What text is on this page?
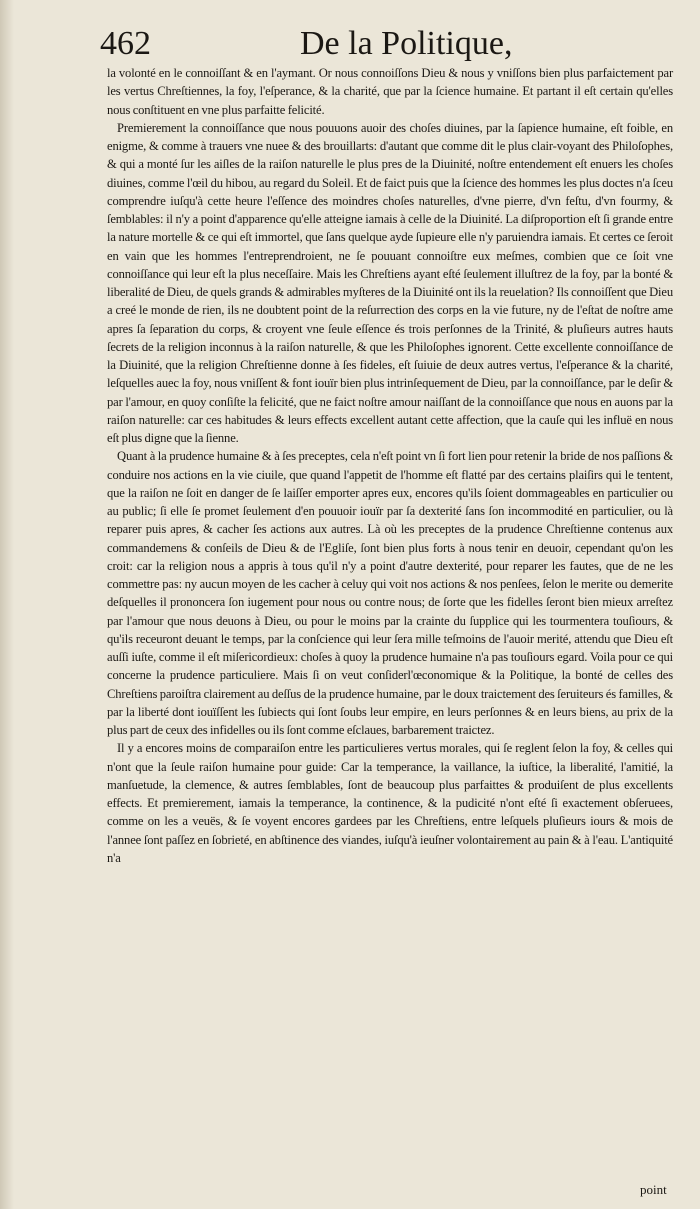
462	De la Politique,

la volonté en le connoiſſant & en l'aymant. Or nous connoiſſons Dieu & nous y vniſſons bien plus parfaictement par les vertus Chreſtiennes, la foy, l'eſperance, & la charité, que par la ſcience humaine. Et partant il eſt certain qu'elles nous conſtituent en vne plus parfaitte felicité.

Premierement la connoiſſance que nous pouuons auoir des choſes diuines, par la ſapience humaine, eſt foible, en enigme, & comme à trauers vne nuee & des brouillarts: d'autant que comme dit le plus clair-voyant des Philoſophes, & qui a monté ſur les aiſles de la raiſon naturelle le plus pres de la Diuinité, noſtre entendement eſt enuers les choſes diuines, comme l'œil du hibou, au regard du Soleil. Et de faict puis que la ſcience des hommes les plus doctes n'a ſceu comprendre iuſqu'à cette heure l'eſſence des moindres choſes naturelles, d'vne pierre, d'vn feſtu, d'vn fourmy, & ſemblables: il n'y a point d'apparence qu'elle atteigne iamais à celle de la Diuinité. La diſproportion eſt ſi grande entre la nature mortelle & ce qui eſt immortel, que ſans quelque ayde ſupieure elle n'y paruiendra iamais. Et certes ce ſeroit en vain que les hommes l'entreprendroient, ne ſe pouuant connoiſtre eux meſmes, combien que ce ſoit vne connoiſſance qui leur eſt la plus neceſſaire. Mais les Chreſtiens ayant eſté ſeulement illuſtrez de la foy, par la bonté & liberalité de Dieu, de quels grands & admirables myſteres de la Diuinité ont ils la reuelation? Ils connoiſſent que Dieu a creé le monde de rien, ils ne doubtent point de la reſurrection des corps en la vie future, ny de l'eſtat de noſtre ame apres ſa ſeparation du corps, & croyent vne ſeule eſſence és trois perſonnes de la Trinité, & pluſieurs autres hauts ſecrets de la religion inconnus à la raiſon naturelle, & que les Philoſophes ignorent. Cette excellente connoiſſance de la Diuinité, que la religion Chreſtienne donne à ſes fideles, eſt ſuiuie de deux autres vertus, l'eſperance & la charité, leſquelles auec la foy, nous vniſſent & font iouïr bien plus intrinſequement de Dieu, par la connoiſſance, par le deſir & par l'amour, en quoy conſiſte la felicité, que ne faict noſtre amour naiſſant de la connoiſſance que nous en auons par la raiſon naturelle: car ces habitudes & leurs effects excellent autant cette affection, que la cauſe qui les influë en nous eſt plus digne que la ſienne.

Quant à la prudence humaine & à ſes preceptes, cela n'eſt point vn ſi fort lien pour retenir la bride de nos paſſions & conduire nos actions en la vie ciuile, que quand l'appetit de l'homme eſt flatté par des certains plaiſirs qui le tentent, que la raiſon ne ſoit en danger de ſe laiſſer emporter apres eux, encores qu'ils ſoient dommageables en particulier ou au public; ſi elle ſe promet ſeulement d'en pouuoir iouïr par ſa dexterité ſans ſon incommodité en particulier, ou là reparer puis apres, & cacher ſes actions aux autres. Là où les preceptes de la prudence Chreſtienne contenus aux commandemens & conſeils de Dieu & de l'Egliſe, ſont bien plus forts à nous tenir en deuoir, cependant qu'on les croit: car la religion nous a appris à tous qu'il n'y a point d'autre dexterité, pour reparer les fautes, que de ne les commettre pas: ny aucun moyen de les cacher à celuy qui voit nos actions & nos penſees, ſelon le merite ou demerite deſquelles il prononcera ſon iugement pour nous ou contre nous; de ſorte que les fidelles ſeront bien mieux arreſtez par l'amour que nous deuons à Dieu, ou pour le moins par la crainte du ſupplice qui les tourmentera touſiours, & qu'ils receuront deuant le temps, par la conſcience qui leur ſera mille teſmoins de l'auoir merité, attendu que Dieu eſt auſſi iuſte, comme il eſt miſericordieux: choſes à quoy la prudence humaine n'a pas touſiours egard. Voila pour ce qui concerne la prudence particuliere. Mais ſi on veut conſiderl'œconomique & la Politique, la bonté de celles des Chreſtiens paroiſtra clairement au deſſus de la prudence humaine, par le doux traictement des ſeruiteurs és familles, & par la liberté dont iouïſſent les ſubiects qui ſont ſoubs leur empire, en leurs perſonnes & en leurs biens, au prix de la plus part de ceux des infidelles ou ils ſont comme eſclaues, barbarement traictez.

Il y a encores moins de comparaiſon entre les particulieres vertus morales, qui ſe reglent ſelon la foy, & celles qui n'ont que la ſeule raiſon humaine pour guide: Car la temperance, la vaillance, la iuſtice, la liberalité, l'amitié, la manſuetude, la clemence, & autres ſemblables, ſont de beaucoup plus parfaittes & produiſent de plus excellents effects. Et premierement, iamais la temperance, la continence, & la pudicité n'ont eſté ſi exactement obſeruees, comme on les a veuës, & ſe voyent encores gardees par les Chreſtiens, entre leſquels pluſieurs iours & mois de l'annee ſont paſſez en ſobrieté, en abſtinence des viandes, iuſqu'à ieuſner volontairement au pain & à l'eau. L'antiquité n'a

point
